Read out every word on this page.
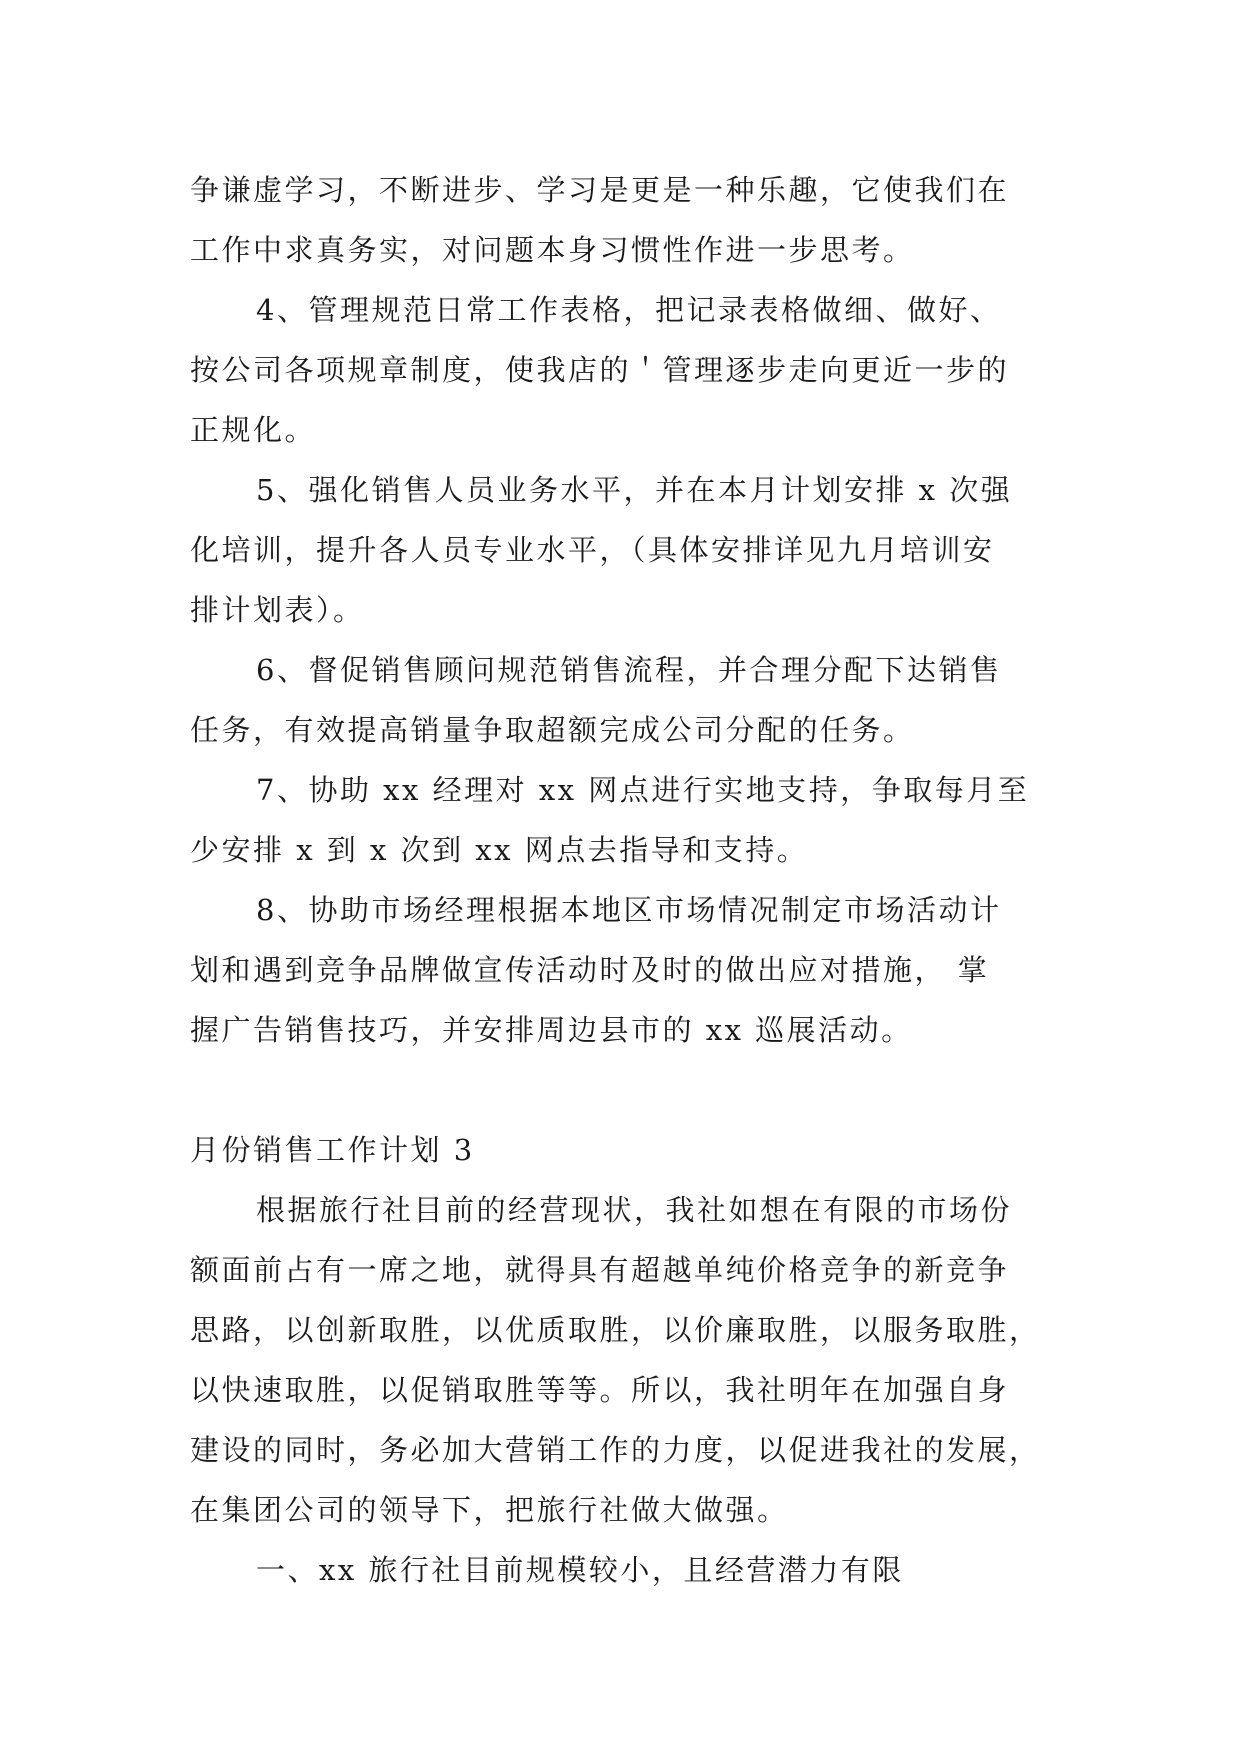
争谦虚学习，不断进步、学习是更是一种乐趣，它使我们在
工作中求真务实，对问题本身习惯性作进一步思考。

4、管理规范日常工作表格，把记录表格做细、做好、
按公司各项规章制度，使我店的＇管理逐步走向更近一步的
正规化。

5、强化销售人员业务水平，并在本月计划安排 x 次强
化培训，提升各人员专业水平，（具体安排详见九月培训安
排计划表）。

6、督促销售顾问规范销售流程，并合理分配下达销售
任务，有效提高销量争取超额完成公司分配的任务。

7、协助 xx 经理对 xx 网点进行实地支持，争取每月至
少安排 x 到 x 次到 xx 网点去指导和支持。

8、协助市场经理根据本地区市场情况制定市场活动计
划和遇到竞争品牌做宣传活动时及时的做出应对措施， 掌
握广告销售技巧，并安排周边县市的 xx 巡展活动。

月份销售工作计划 3

根据旅行社目前的经营现状，我社如想在有限的市场份
额面前占有一席之地，就得具有超越单纯价格竞争的新竞争
思路，以创新取胜，以优质取胜，以价廉取胜，以服务取胜，
以快速取胜，以促销取胜等等。所以，我社明年在加强自身
建设的同时，务必加大营销工作的力度，以促进我社的发展，
在集团公司的领导下，把旅行社做大做强。

一、xx 旅行社目前规模较小，且经营潜力有限
